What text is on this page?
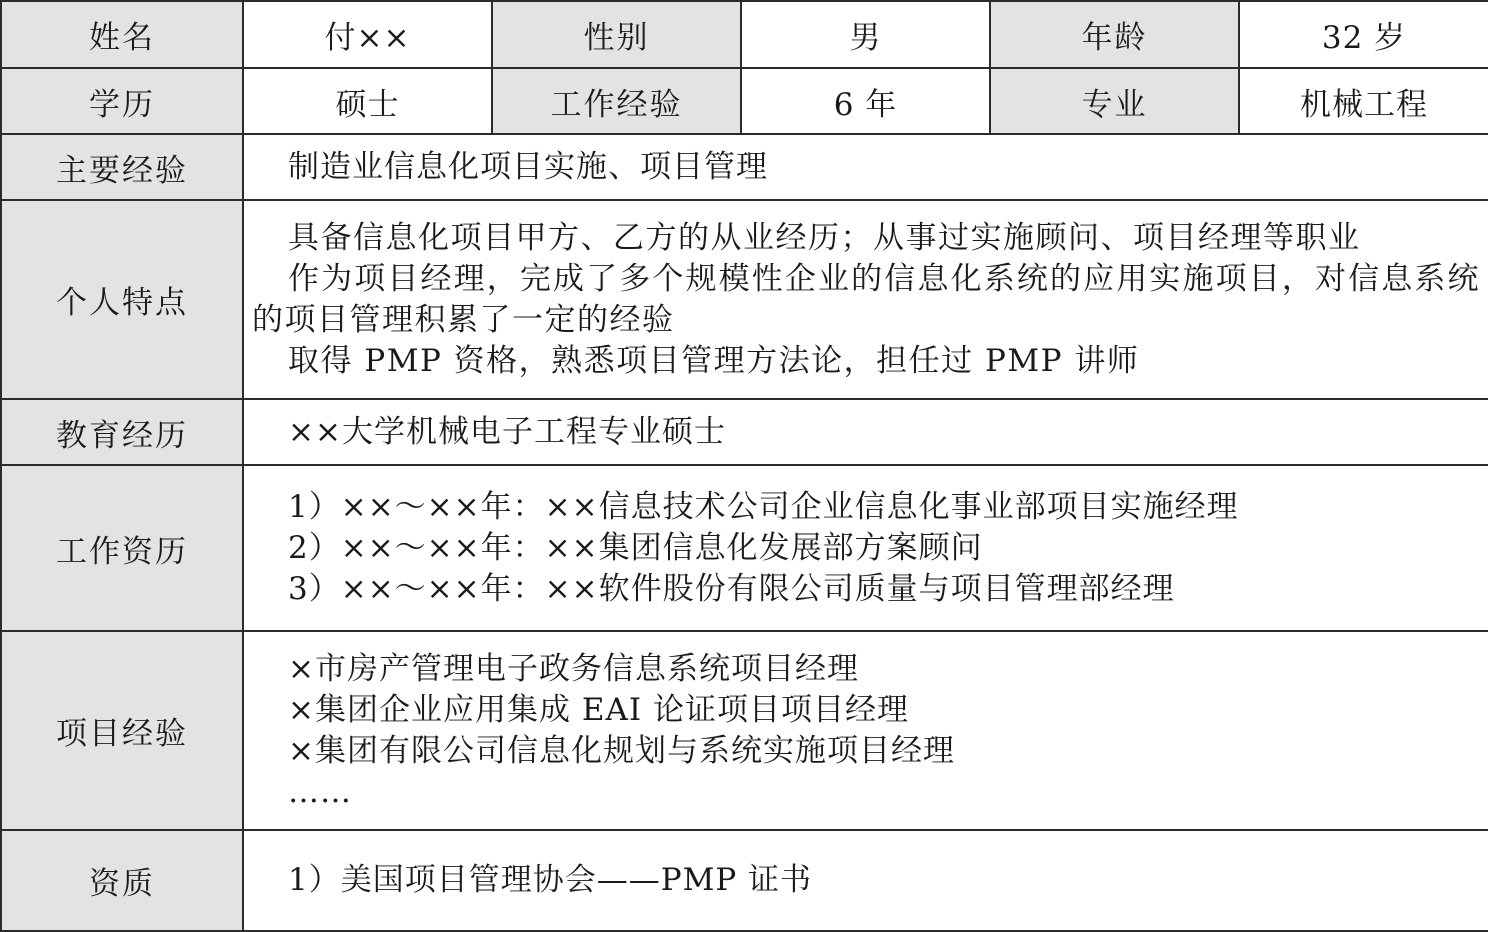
姓名	付××	性别	男	年龄	32 岁
学历	硕士	工作经验	6 年	专业	机械工程
主要经验	制造业信息化项目实施、项目管理				

个人特点	具备信息化项目甲方、乙方的从业经历；从事过实施顾问、项目经理等职业
作为项目经理，完成了多个规模性企业的信息化系统的应用实施项目，对信息系统的项目管理积累了一定的经验
取得 PMP 资格，熟悉项目管理方法论，担任过 PMP 讲师				

教育经历	××大学机械电子工程专业硕士				

工作资历	1）××～××年：××信息技术公司企业信息化事业部项目实施经理
2）××～××年：××集团信息化发展部方案顾问
3）××～××年：××软件股份有限公司质量与项目管理部经理				

项目经验	×市房产管理电子政务信息系统项目经理
×集团企业应用集成 EAI 论证项目项目经理
×集团有限公司信息化规划与系统实施项目经理
……				

资质	1）美国项目管理协会——PMP 证书				
